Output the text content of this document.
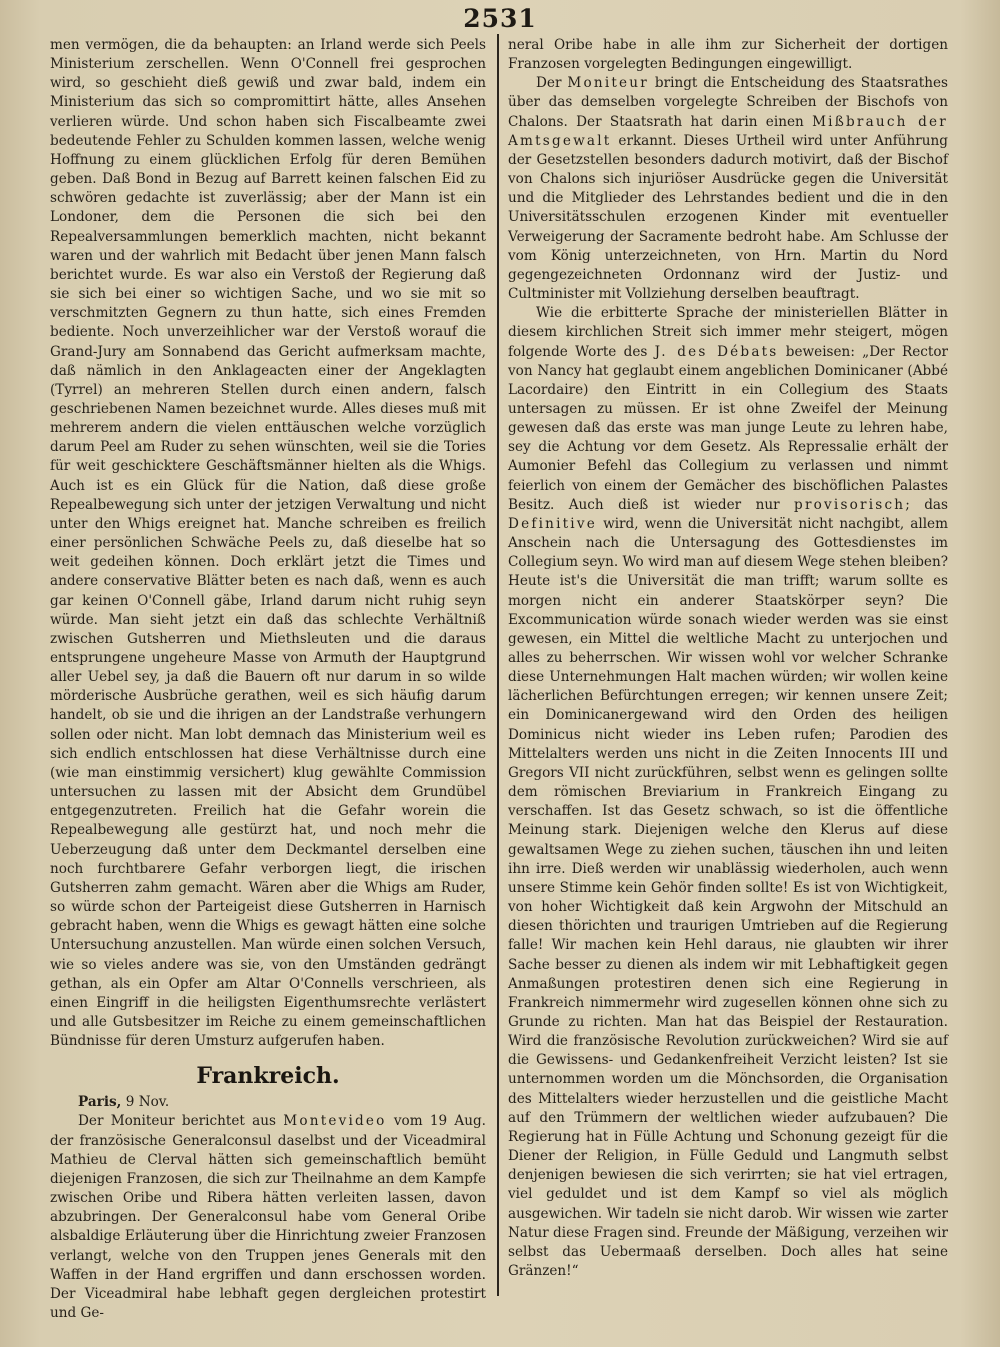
2531

men vermögen, die da behaupten: an Irland werde sich Peels Ministerium zerschellen. Wenn O'Connell frei gesprochen wird, so geschieht dieß gewiß und zwar bald, indem ein Ministerium das sich so compromittirt hätte, alles Ansehen verlieren würde. Und schon haben sich Fiscalbeamte zwei bedeutende Fehler zu Schulden kommen lassen, welche wenig Hoffnung zu einem glücklichen Erfolg für deren Bemühen geben. Daß Bond in Bezug auf Barrett keinen falschen Eid zu schwören gedachte ist zuverlässig; aber der Mann ist ein Londoner, dem die Personen die sich bei den Repealversammlungen bemerklich machten, nicht bekannt waren und der wahrlich mit Bedacht über jenen Mann falsch berichtet wurde. Es war also ein Verstoß der Regierung daß sie sich bei einer so wichtigen Sache, und wo sie mit so verschmitzten Gegnern zu thun hatte, sich eines Fremden bediente. Noch unverzeihlicher war der Verstoß worauf die Grand-Jury am Sonnabend das Gericht aufmerksam machte, daß nämlich in den Anklageacten einer der Angeklagten (Tyrrel) an mehreren Stellen durch einen andern, falsch geschriebenen Namen bezeichnet wurde. Alles dieses muß mit mehrerem andern die vielen enttäuschen welche vorzüglich darum Peel am Ruder zu sehen wünschten, weil sie die Tories für weit geschicktere Geschäftsmänner hielten als die Whigs. Auch ist es ein Glück für die Nation, daß diese große Repealbewegung sich unter der jetzigen Verwaltung und nicht unter den Whigs ereignet hat. Manche schreiben es freilich einer persönlichen Schwäche Peels zu, daß dieselbe hat so weit gedeihen können. Doch erklärt jetzt die Times und andere conservative Blätter beten es nach daß, wenn es auch gar keinen O'Connell gäbe, Irland darum nicht ruhig seyn würde. Man sieht jetzt ein daß das schlechte Verhältniß zwischen Gutsherren und Miethsleuten und die daraus entsprungene ungeheure Masse von Armuth der Hauptgrund aller Uebel sey, ja daß die Bauern oft nur darum in so wilde mörderische Ausbrüche gerathen, weil es sich häufig darum handelt, ob sie und die ihrigen an der Landstraße verhungern sollen oder nicht. Man lobt demnach das Ministerium weil es sich endlich entschlossen hat diese Verhältnisse durch eine (wie man einstimmig versichert) klug gewählte Commission untersuchen zu lassen mit der Absicht dem Grundübel entgegenzutreten. Freilich hat die Gefahr worein die Repealbewegung alle gestürzt hat, und noch mehr die Ueberzeugung daß unter dem Deckmantel derselben eine noch furchtbarere Gefahr verborgen liegt, die irischen Gutsherren zahm gemacht. Wären aber die Whigs am Ruder, so würde schon der Parteigeist diese Gutsherren in Harnisch gebracht haben, wenn die Whigs es gewagt hätten eine solche Untersuchung anzustellen. Man würde einen solchen Versuch, wie so vieles andere was sie, von den Umständen gedrängt gethan, als ein Opfer am Altar O'Connells verschrieen, als einen Eingriff in die heiligsten Eigenthumsrechte verlästert und alle Gutsbesitzer im Reiche zu einem gemeinschaftlichen Bündnisse für deren Umsturz aufgerufen haben.

Frankreich.

Paris, 9 Nov.

Der Moniteur berichtet aus Montevideo vom 19 Aug. der französische Generalconsul daselbst und der Viceadmiral Mathieu de Clerval hätten sich gemeinschaftlich bemüht diejenigen Franzosen, die sich zur Theilnahme an dem Kampfe zwischen Oribe und Ribera hätten verleiten lassen, davon abzubringen. Der Generalconsul habe vom General Oribe alsbaldige Erläuterung über die Hinrichtung zweier Franzosen verlangt, welche von den Truppen jenes Generals mit den Waffen in der Hand ergriffen und dann erschossen worden. Der Viceadmiral habe lebhaft gegen dergleichen protestirt und Ge-

neral Oribe habe in alle ihm zur Sicherheit der dortigen Franzosen vorgelegten Bedingungen eingewilligt.

Der Moniteur bringt die Entscheidung des Staatsrathes über das demselben vorgelegte Schreiben der Bischofs von Chalons. Der Staatsrath hat darin einen Mißbrauch der Amtsgewalt erkannt. Dieses Urtheil wird unter Anführung der Gesetzstellen besonders dadurch motivirt, daß der Bischof von Chalons sich injuriöser Ausdrücke gegen die Universität und die Mitglieder des Lehrstandes bedient und die in den Universitätsschulen erzogenen Kinder mit eventueller Verweigerung der Sacramente bedroht habe. Am Schlusse der vom König unterzeichneten, von Hrn. Martin du Nord gegengezeichneten Ordonnanz wird der Justiz- und Cultminister mit Vollziehung derselben beauftragt.

Wie die erbitterte Sprache der ministeriellen Blätter in diesem kirchlichen Streit sich immer mehr steigert, mögen folgende Worte des J. des Débats beweisen: „Der Rector von Nancy hat geglaubt einem angeblichen Dominicaner (Abbé Lacordaire) den Eintritt in ein Collegium des Staats untersagen zu müssen. Er ist ohne Zweifel der Meinung gewesen daß das erste was man junge Leute zu lehren habe, sey die Achtung vor dem Gesetz. Als Repressalie erhält der Aumonier Befehl das Collegium zu verlassen und nimmt feierlich von einem der Gemächer des bischöflichen Palastes Besitz. Auch dieß ist wieder nur provisorisch; das Definitive wird, wenn die Universität nicht nachgibt, allem Anschein nach die Untersagung des Gottesdienstes im Collegium seyn. Wo wird man auf diesem Wege stehen bleiben? Heute ist's die Universität die man trifft; warum sollte es morgen nicht ein anderer Staatskörper seyn? Die Excommunication würde sonach wieder werden was sie einst gewesen, ein Mittel die weltliche Macht zu unterjochen und alles zu beherrschen. Wir wissen wohl vor welcher Schranke diese Unternehmungen Halt machen würden; wir wollen keine lächerlichen Befürchtungen erregen; wir kennen unsere Zeit; ein Dominicanergewand wird den Orden des heiligen Dominicus nicht wieder ins Leben rufen; Parodien des Mittelalters werden uns nicht in die Zeiten Innocents III und Gregors VII nicht zurückführen, selbst wenn es gelingen sollte dem römischen Breviarium in Frankreich Eingang zu verschaffen. Ist das Gesetz schwach, so ist die öffentliche Meinung stark. Diejenigen welche den Klerus auf diese gewaltsamen Wege zu ziehen suchen, täuschen ihn und leiten ihn irre. Dieß werden wir unablässig wiederholen, auch wenn unsere Stimme kein Gehör finden sollte! Es ist von Wichtigkeit, von hoher Wichtigkeit daß kein Argwohn der Mitschuld an diesen thörichten und traurigen Umtrieben auf die Regierung falle! Wir machen kein Hehl daraus, nie glaubten wir ihrer Sache besser zu dienen als indem wir mit Lebhaftigkeit gegen Anmaßungen protestiren denen sich eine Regierung in Frankreich nimmermehr wird zugesellen können ohne sich zu Grunde zu richten. Man hat das Beispiel der Restauration. Wird die französische Revolution zurückweichen? Wird sie auf die Gewissens- und Gedankenfreiheit Verzicht leisten? Ist sie unternommen worden um die Mönchsorden, die Organisation des Mittelalters wieder herzustellen und die geistliche Macht auf den Trümmern der weltlichen wieder aufzubauen? Die Regierung hat in Fülle Achtung und Schonung gezeigt für die Diener der Religion, in Fülle Geduld und Langmuth selbst denjenigen bewiesen die sich verirrten; sie hat viel ertragen, viel geduldet und ist dem Kampf so viel als möglich ausgewichen. Wir tadeln sie nicht darob. Wir wissen wie zarter Natur diese Fragen sind. Freunde der Mäßigung, verzeihen wir selbst das Uebermaaß derselben. Doch alles hat seine Gränzen!“
